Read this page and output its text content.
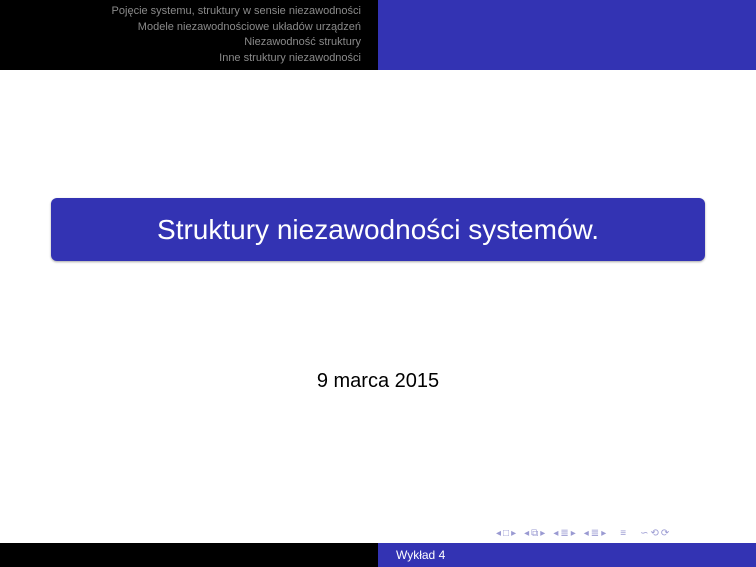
Pojęcie systemu, struktury w sensie niezawodności
Modele niezawodnościowe układów urządzeń
Niezawodność struktury
Inne struktury niezawodności
Struktury niezawodności systemów.
9 marca 2015
◂ □ ▸ ◂ ⧉ ▸ ◂ ≣ ▸ ◂ ≣ ▸ ≡ ∽ ⟲ ⟳
Wykład 4
